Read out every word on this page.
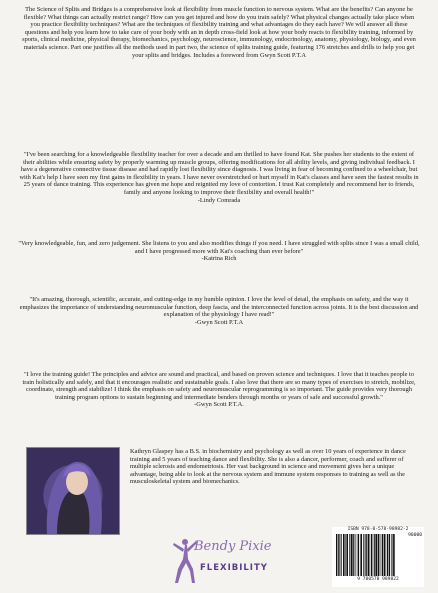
The Science of Splits and Bridges is a comprehensive look at flexibility from muscle function to nervous system. What are the benefits? Can anyone be flexible? What things can actually restrict range? How can you get injured and how do you train safely? What physical changes actually take place when you practice flexibility techniques? What are the techniques of flexibility training and what advantages do they each have? We will answer all these questions and help you learn how to take care of your body with an in depth cross-field look at how your body reacts to flexibility training, informed by sports, clinical medicine, physical therapy, biomechanics, psychology, neuroscience, immunology, endocrinology, anatomy, physiology, biology, and even materials science. Part one justifies all the methods used in part two, the science of splits training guide, featuring 176 stretches and drills to help you get your splits and bridges. Includes a foreword from Gwyn Scott P.T.A
"I've been searching for a knowledgeable flexibility teacher for over a decade and am thrilled to have found Kat. She pushes her students to the extent of their abilities while ensuring safety by properly warming up muscle groups, offering modifications for all ability levels, and giving individual feedback. I have a degenerative connective tissue disease and had rapidly lost flexibility since diagnosis. I was living in fear of becoming confined to a wheelchair, but with Kat's help I have seen my first gains in flexibility in years. I have never overstretched or hurt myself in Kat's classes and have seen the fastest results in 25 years of dance training. This experience has given me hope and reignited my love of contortion. I trust Kat completely and recommend her to friends, family and anyone looking to improve their flexibility and overall health!"
-Lindy Comrada
"Very knowledgeable, fun, and zero judgement. She listens to you and also modifies things if you need. I have struggled with splits since I was a small child, and I have progressed more with Kat's coaching than ever before"
-Katrina Rich
"It's amazing, thorough, scientific, accurate, and cutting-edge in my humble opinion. I love the level of detail, the emphasis on safety, and the way it emphasizes the importance of understanding neuromuscular function, deep fascia, and the interconnected function across joints. It is the best discussion and explanation of the physiology I have read!"
-Gwyn Scott P.T.A
"I love the training guide! The principles and advice are sound and practical, and based on proven science and techniques. I love that it teaches people to train holistically and safely, and that it encourages realistic and sustainable goals. I also love that there are so many types of exercises to stretch, mobilize, coordinate, strength and stabilize! I think the emphasis on safety and neuromuscular reprogramming is so important. The guide provides very thorough training program options to sustain beginning and intermediate benders through months or years of safe and successful growth."
-Gwyn Scott P.T.A.
Kathryn Glaspey has a B.S. in biochemistry and psychology as well as over 10 years of experience in dance training and 5 years of teaching dance and flexibility. She is also a dancer, performer, coach and sufferer of multiple sclerosis and endometriosis. Her vast background in science and movement gives her a unique advantage, being able to look at the nervous system and immune system responses to training as well as the musculoskeletal system and biomechanics.
Bendy Pixie
FLEXIBILITY
ISBN 978-0-578-98982-2
90000
9 780578 989822
